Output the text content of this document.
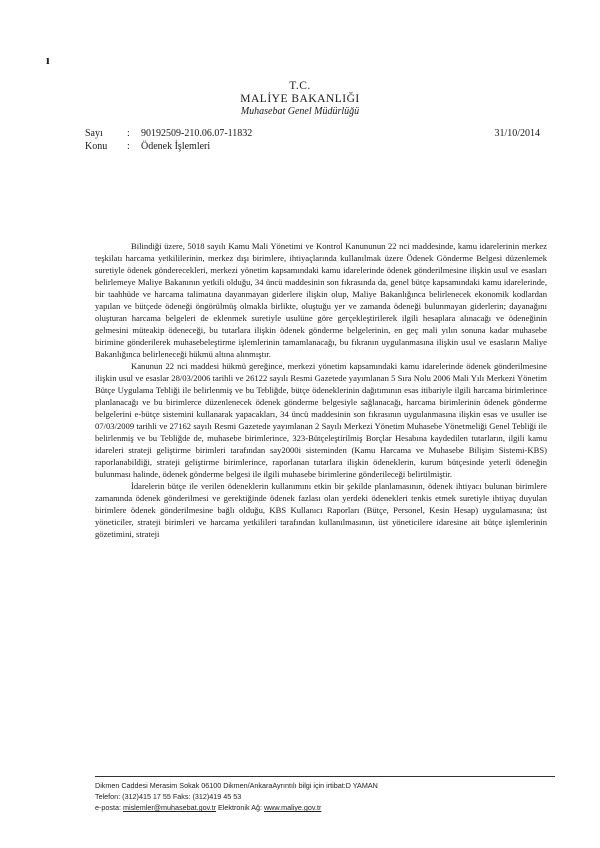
ı
T.C.
MALİYE BAKANLIĞI
Muhasebat Genel Müdürlüğü
Sayı	:	90192509-210.06.07-11832
Konu	:	Ödenek İşlemleri
31/10/2014

Bilindiği üzere, 5018 sayılı Kamu Mali Yönetimi ve Kontrol Kanununun 22 nci maddesinde, kamu idarelerinin merkez teşkilatı harcama yetkililerinin, merkez dışı birimlere, ihtiyaçlarında kullanılmak üzere Ödenek Gönderme Belgesi düzenlemek suretiyle ödenek gönderecekleri, merkezi yönetim kapsamındaki kamu idarelerinde ödenek gönderilmesine ilişkin usul ve esasları belirlemeye Maliye Bakanının yetkili olduğu, 34 üncü maddesinin son fıkrasında da, genel bütçe kapsamındaki kamu idarelerinde, bir taahhüde ve harcama talimatına dayanmayan giderlere ilişkin olup, Maliye Bakanlığınca belirlenecek ekonomik kodlardan yapılan ve bütçede ödeneği öngörülmüş olmakla birlikte, oluştuğu yer ve zamanda ödeneği bulunmayan giderlerin; dayanağını oluşturan harcama belgeleri de eklenmek suretiyle usulüne göre gerçekleştirilerek ilgili hesaplara alınacağı ve ödeneğinin gelmesini müteakip ödeneceği, bu tutarlara ilişkin ödenek gönderme belgelerinin, en geç mali yılın sonuna kadar muhasebe birimine gönderilerek muhasebeleştirme işlemlerinin tamamlanacağı, bu fıkranın uygulanmasına ilişkin usul ve esasların Maliye Bakanlığınca belirleneceği hükmü altına alınmıştır.

Kanunun 22 nci maddesi hükmü gereğince, merkezi yönetim kapsamındaki kamu idarelerinde ödenek gönderilmesine ilişkin usul ve esaslar 28/03/2006 tarihli ve 26122 sayılı Resmi Gazetede yayımlanan 5 Sıra Nolu 2006 Mali Yılı Merkezi Yönetim Bütçe Uygulama Tebliği ile belirlenmiş ve bu Tebliğde, bütçe ödeneklerinin dağıtımının esas itibariyle ilgili harcama birimlerince planlanacağı ve bu birimlerce düzenlenecek ödenek gönderme belgesiyle sağlanacağı, harcama birimlerinin ödenek gönderme belgelerini e-bütçe sistemini kullanarak yapacakları, 34 üncü maddesinin son fıkrasının uygulanmasına ilişkin esas ve usuller ise 07/03/2009 tarihli ve 27162 sayılı Resmi Gazetede yayımlanan 2 Sayılı Merkezi Yönetim Muhasebe Yönetmeliği Genel Tebliği ile belirlenmiş ve bu Tebliğde de, muhasebe birimlerince, 323-Bütçeleştirilmiş Borçlar Hesabına kaydedilen tutarların, ilgili kamu idareleri strateji geliştirme birimleri tarafından say2000i sisteminden (Kamu Harcama ve Muhasebe Bilişim Sistemi-KBS) raporlanabildiği, strateji geliştirme birimlerince, raporlanan tutarlara ilişkin ödeneklerin, kurum bütçesinde yeterli ödeneğin bulunması halinde, ödenek gönderme belgesi ile ilgili muhasebe birimlerine gönderileceği belirtilmiştir.

İdarelerin bütçe ile verilen ödeneklerin kullanımını etkin bir şekilde planlamasının, ödenek ihtiyacı bulunan birimlere zamanında ödenek gönderilmesi ve gerektiğinde ödenek fazlası olan yerdeki ödenekleri tenkis etmek suretiyle ihtiyaç duyulan birimlere ödenek gönderilmesine bağlı olduğu, KBS Kullanıcı Raporları (Bütçe, Personel, Kesin Hesap) uygulamasına; üst yöneticiler, strateji birimleri ve harcama yetkilileri tarafından kullanılmasının, üst yöneticilere idaresine ait bütçe işlemlerinin gözetimini, strateji

Dikmen Caddesi Merasim Sokak 06100 Dikmen/AnkaraAyrıntılı bilgi için irtibat:D YAMAN
Telefon: (312)415 17 55 Faks: (312)419 45 53
e-posta: mislemler@muhasebat.gov.tr Elektronik Ağ: www.maliye.gov.tr
